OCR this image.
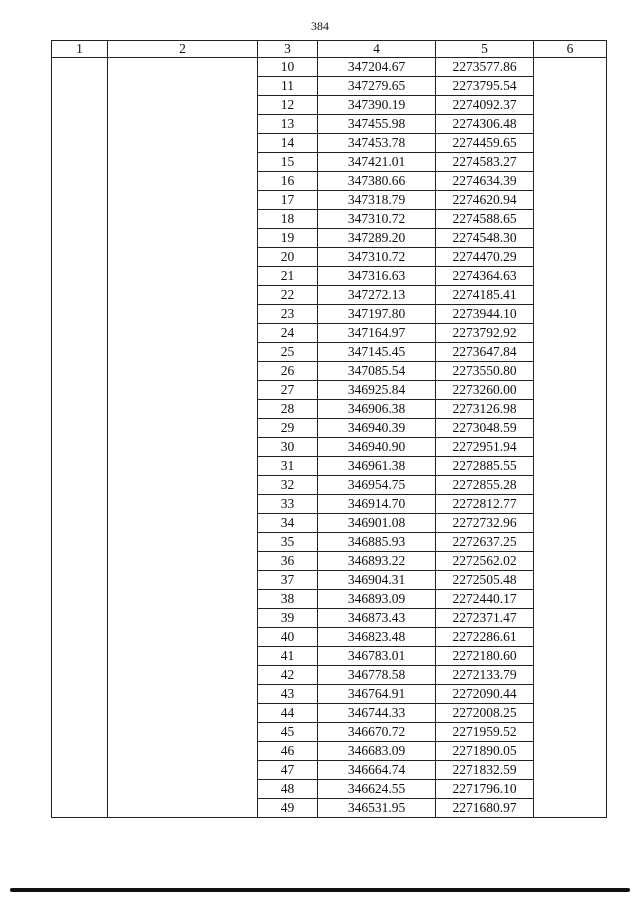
384
1	2	3	4	5	6
		10	347204.67	2273577.86	
		11	347279.65	2273795.54	
		12	347390.19	2274092.37	
		13	347455.98	2274306.48	
		14	347453.78	2274459.65	
		15	347421.01	2274583.27	
		16	347380.66	2274634.39	
		17	347318.79	2274620.94	
		18	347310.72	2274588.65	
		19	347289.20	2274548.30	
		20	347310.72	2274470.29	
		21	347316.63	2274364.63	
		22	347272.13	2274185.41	
		23	347197.80	2273944.10	
		24	347164.97	2273792.92	
		25	347145.45	2273647.84	
		26	347085.54	2273550.80	
		27	346925.84	2273260.00	
		28	346906.38	2273126.98	
		29	346940.39	2273048.59	
		30	346940.90	2272951.94	
		31	346961.38	2272885.55	
		32	346954.75	2272855.28	
		33	346914.70	2272812.77	
		34	346901.08	2272732.96	
		35	346885.93	2272637.25	
		36	346893.22	2272562.02	
		37	346904.31	2272505.48	
		38	346893.09	2272440.17	
		39	346873.43	2272371.47	
		40	346823.48	2272286.61	
		41	346783.01	2272180.60	
		42	346778.58	2272133.79	
		43	346764.91	2272090.44	
		44	346744.33	2272008.25	
		45	346670.72	2271959.52	
		46	346683.09	2271890.05	
		47	346664.74	2271832.59	
		48	346624.55	2271796.10	
		49	346531.95	2271680.97	
